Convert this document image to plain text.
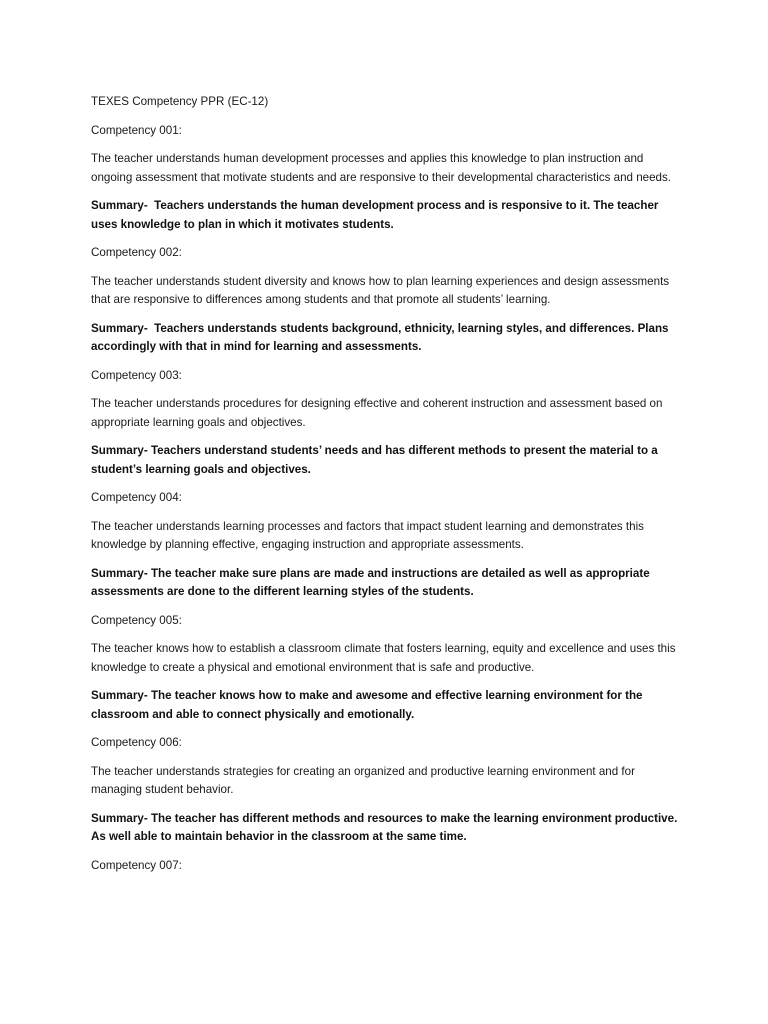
TEXES Competency PPR (EC-12)
Competency 001:
The teacher understands human development processes and applies this knowledge to plan instruction and ongoing assessment that motivate students and are responsive to their developmental characteristics and needs.
Summary- Teachers understands the human development process and is responsive to it. The teacher uses knowledge to plan in which it motivates students.
Competency 002:
The teacher understands student diversity and knows how to plan learning experiences and design assessments that are responsive to differences among students and that promote all students’ learning.
Summary- Teachers understands students background, ethnicity, learning styles, and differences. Plans accordingly with that in mind for learning and assessments.
Competency 003:
The teacher understands procedures for designing effective and coherent instruction and assessment based on appropriate learning goals and objectives.
Summary- Teachers understand students’ needs and has different methods to present the material to a student’s learning goals and objectives.
Competency 004:
The teacher understands learning processes and factors that impact student learning and demonstrates this knowledge by planning effective, engaging instruction and appropriate assessments.
Summary- The teacher make sure plans are made and instructions are detailed as well as appropriate assessments are done to the different learning styles of the students.
Competency 005:
The teacher knows how to establish a classroom climate that fosters learning, equity and excellence and uses this knowledge to create a physical and emotional environment that is safe and productive.
Summary- The teacher knows how to make and awesome and effective learning environment for the classroom and able to connect physically and emotionally.
Competency 006:
The teacher understands strategies for creating an organized and productive learning environment and for managing student behavior.
Summary- The teacher has different methods and resources to make the learning environment productive. As well able to maintain behavior in the classroom at the same time.
Competency 007:
